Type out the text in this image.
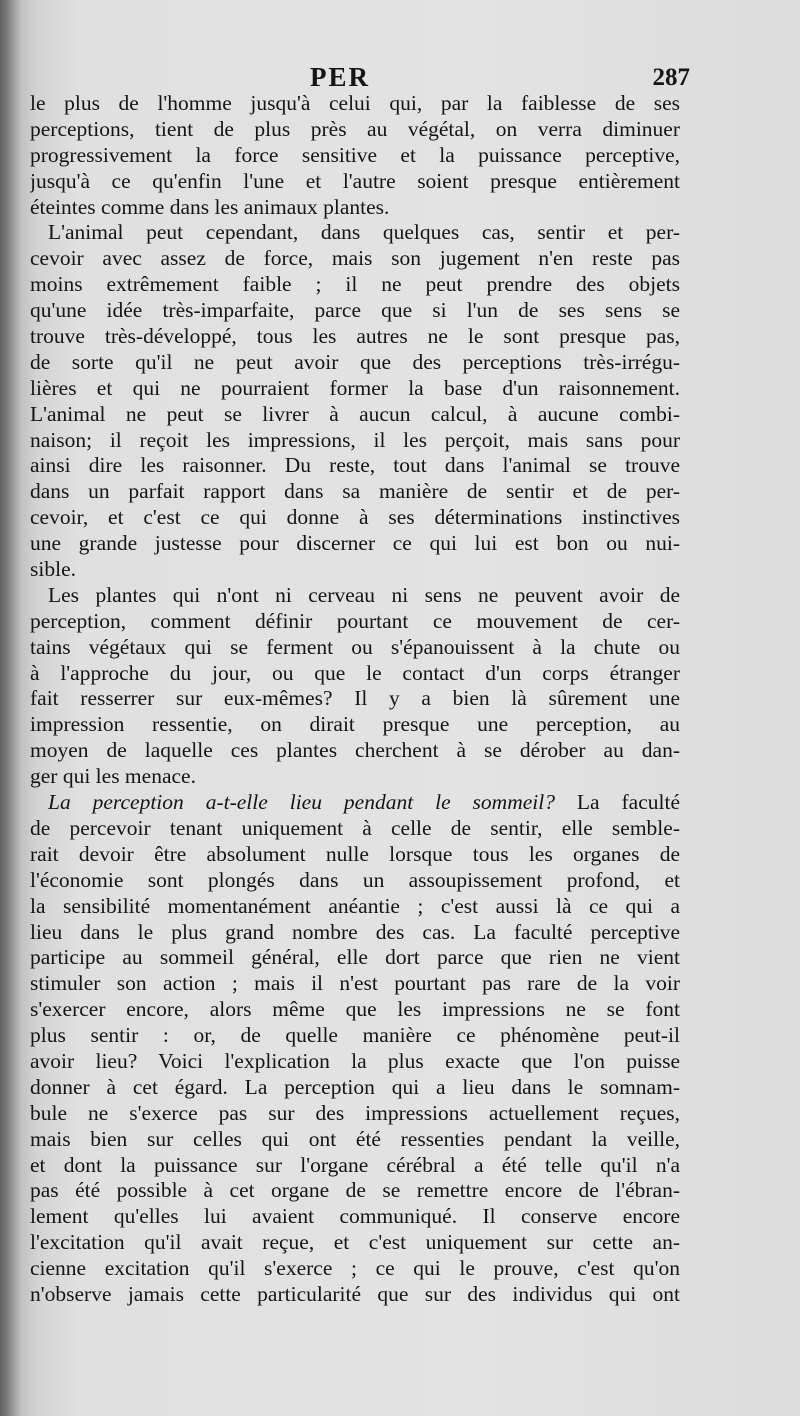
PER	287
le plus de l'homme jusqu'à celui qui, par la faiblesse de ses
perceptions, tient de plus près au végétal, on verra diminuer
progressivement la force sensitive et la puissance perceptive,
jusqu'à ce qu'enfin l'une et l'autre soient presque entièrement
éteintes comme dans les animaux plantes.
L'animal peut cependant, dans quelques cas, sentir et per-
cevoir avec assez de force, mais son jugement n'en reste pas
moins extrêmement faible ; il ne peut prendre des objets
qu'une idée très-imparfaite, parce que si l'un de ses sens se
trouve très-développé, tous les autres ne le sont presque pas,
de sorte qu'il ne peut avoir que des perceptions très-irrégu-
lières et qui ne pourraient former la base d'un raisonnement.
L'animal ne peut se livrer à aucun calcul, à aucune combi-
naison; il reçoit les impressions, il les perçoit, mais sans pour
ainsi dire les raisonner. Du reste, tout dans l'animal se trouve
dans un parfait rapport dans sa manière de sentir et de per-
cevoir, et c'est ce qui donne à ses déterminations instinctives
une grande justesse pour discerner ce qui lui est bon ou nui-
sible.
Les plantes qui n'ont ni cerveau ni sens ne peuvent avoir de
perception, comment définir pourtant ce mouvement de cer-
tains végétaux qui se ferment ou s'épanouissent à la chute ou
à l'approche du jour, ou que le contact d'un corps étranger
fait resserrer sur eux-mêmes? Il y a bien là sûrement une
impression ressentie, on dirait presque une perception, au
moyen de laquelle ces plantes cherchent à se dérober au dan-
ger qui les menace.
La perception a-t-elle lieu pendant le sommeil? La faculté
de percevoir tenant uniquement à celle de sentir, elle semble-
rait devoir être absolument nulle lorsque tous les organes de
l'économie sont plongés dans un assoupissement profond, et
la sensibilité momentanément anéantie ; c'est aussi là ce qui a
lieu dans le plus grand nombre des cas. La faculté perceptive
participe au sommeil général, elle dort parce que rien ne vient
stimuler son action ; mais il n'est pourtant pas rare de la voir
s'exercer encore, alors même que les impressions ne se font
plus sentir : or, de quelle manière ce phénomène peut-il
avoir lieu? Voici l'explication la plus exacte que l'on puisse
donner à cet égard. La perception qui a lieu dans le somnam-
bule ne s'exerce pas sur des impressions actuellement reçues,
mais bien sur celles qui ont été ressenties pendant la veille,
et dont la puissance sur l'organe cérébral a été telle qu'il n'a
pas été possible à cet organe de se remettre encore de l'ébran-
lement qu'elles lui avaient communiqué. Il conserve encore
l'excitation qu'il avait reçue, et c'est uniquement sur cette an-
cienne excitation qu'il s'exerce ; ce qui le prouve, c'est qu'on
n'observe jamais cette particularité que sur des individus qui ont
